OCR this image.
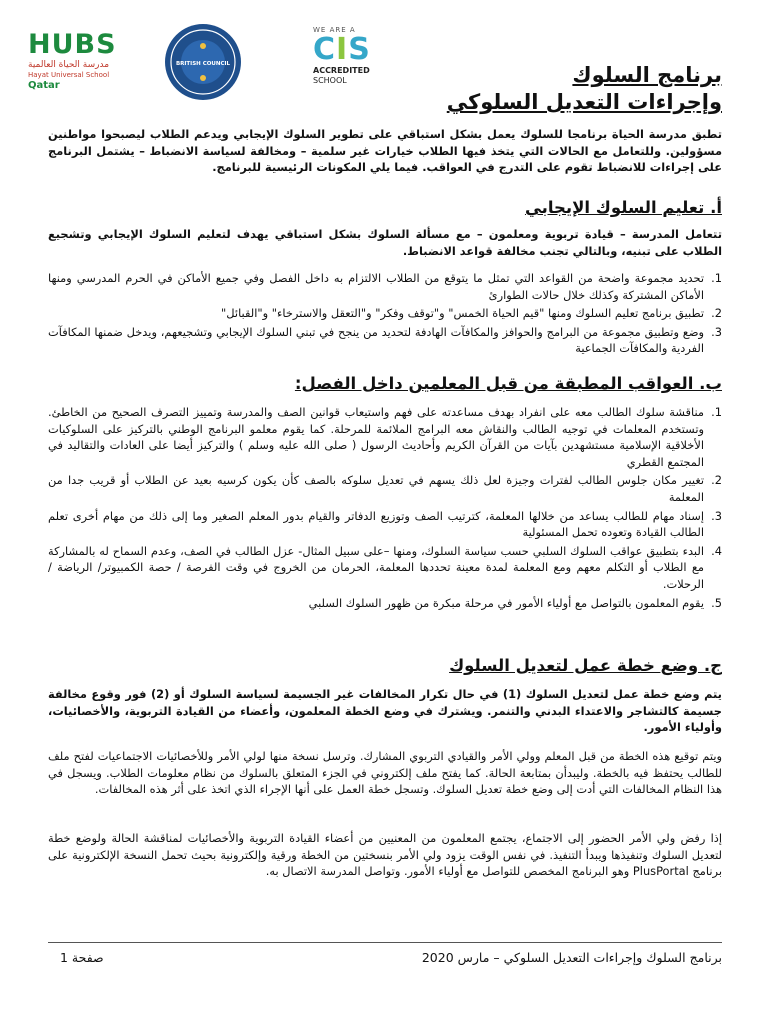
HUBS
مدرسة الحياة العالمية
Hayat Universal School
Qatar
BRITISH COUNCIL
WE ARE A
CIS
ACCREDITED
SCHOOL	برنامج السلوك
وإجراءات التعديل السلوكي
تطبق مدرسة الحياة برنامجا للسلوك يعمل بشكل استباقي على تطوير السلوك الإيجابي ويدعم الطلاب ليصبحوا مواطنين مسؤولين. وللتعامل مع الحالات التي يتخذ فيها الطلاب خيارات غير سلمية – ومخالفة لسياسة الانضباط – يشتمل البرنامج على إجراءات للانضباط تقوم على التدرج في العواقب. فيما يلي المكونات الرئيسية للبرنامج.
أ. تعليم السلوك الإيجابي
تتعامل المدرسة – قيادة تربوية ومعلمون – مع مسألة السلوك بشكل استباقي يهدف لتعليم السلوك الإيجابي وتشجيع الطلاب على تبنيه، وبالتالي تجنب مخالفة قواعد الانضباط.
1.
تحديد مجموعة واضحة من القواعد التي تمثل ما يتوقع من الطلاب الالتزام به داخل الفصل وفي جميع الأماكن في الحرم المدرسي ومنها الأماكن المشتركة وكذلك خلال حالات الطوارئ
2.
تطبيق برنامج تعليم السلوك ومنها "قيم الحياة الخمس" و"توقف وفكر" و"التعقل والاسترخاء" و"القبائل"
3.
وضع وتطبيق مجموعة من البرامج والحوافز والمكافآت الهادفة لتحديد من ينجح في تبني السلوك الإيجابي وتشجيعهم، ويدخل ضمنها المكافآت الفردية والمكافآت الجماعية
ب. العواقب المطبقة من قبل المعلمين داخل الفصل:
1.
مناقشة سلوك الطالب معه على انفراد بهدف مساعدته على فهم واستيعاب قوانين الصف والمدرسة وتمييز التصرف الصحيح من الخاطئ. وتستخدم المعلمات في توجيه الطالب والنقاش معه البرامج الملائمة للمرحلة. كما يقوم معلمو البرنامج الوطني بالتركيز على السلوكيات الأخلاقية الإسلامية مستشهدين بآيات من القرآن الكريم وأحاديث الرسول ( صلى الله عليه وسلم ) والتركيز أيضا على العادات والتقاليد في المجتمع القطري
2.
تغيير مكان جلوس الطالب لفترات وجيزة لعل ذلك يسهم في تعديل سلوكه بالصف كأن يكون كرسيه بعيد عن الطلاب أو قريب جدا من المعلمة
3.
إسناد مهام للطالب يساعد من خلالها المعلمة، كترتيب الصف وتوزيع الدفاتر والقيام بدور المعلم الصغير وما إلى ذلك من مهام أخرى تعلم الطالب القيادة وتعوده تحمل المسئولية
4.
البدء بتطبيق عواقب السلوك السلبي حسب سياسة السلوك، ومنها –على سبيل المثال- عزل الطالب في الصف، وعدم السماح له بالمشاركة مع الطلاب أو التكلم معهم ومع المعلمة لمدة معينة تحددها المعلمة، الحرمان من الخروج في وقت الفرصة / حصة الكمبيوتر/ الرياضة / الرحلات.
5.
يقوم المعلمون بالتواصل مع أولياء الأمور في مرحلة مبكرة من ظهور السلوك السلبي
ج. وضع خطة عمل لتعديل السلوك
يتم وضع خطة عمل لتعديل السلوك (1) في حال تكرار المخالفات غير الجسيمة لسياسة السلوك أو (2) فور وقوع مخالفة جسيمة كالتشاجر والاعتداء البدني والتنمر. ويشترك في وضع الخطة المعلمون، وأعضاء من القيادة التربوية، والأخصائيات، وأولياء الأمور.
ويتم توقيع هذه الخطة من قبل المعلم وولي الأمر والقيادي التربوي المشارك. وترسل نسخة منها لولي الأمر وللأخصائيات الاجتماعيات لفتح ملف للطالب يحتفظ فيه بالخطة. وليبدأن بمتابعة الحالة. كما يفتح ملف إلكتروني في الجزء المتعلق بالسلوك من نظام معلومات الطلاب. ويسجل في هذا النظام المخالفات التي أدت إلى وضع خطة تعديل السلوك. وتسجل خطة العمل على أنها الإجراء الذي اتخذ على أثر هذه المخالفات.
إذا رفض ولي الأمر الحضور إلى الاجتماع، يجتمع المعلمون من المعنيين من أعضاء القيادة التربوية والأخصائيات لمناقشة الحالة ولوضع خطة لتعديل السلوك وتنفيذها ويبدأ التنفيذ. في نفس الوقت يزود ولي الأمر بنسختين من الخطة ورقية وإلكترونية بحيث تحمل النسخة الإلكترونية على برنامج PlusPortal وهو البرنامج المخصص للتواصل مع أولياء الأمور. وتواصل المدرسة الاتصال به.
برنامج السلوك وإجراءات التعديل السلوكي – مارس 2020
صفحة 1
